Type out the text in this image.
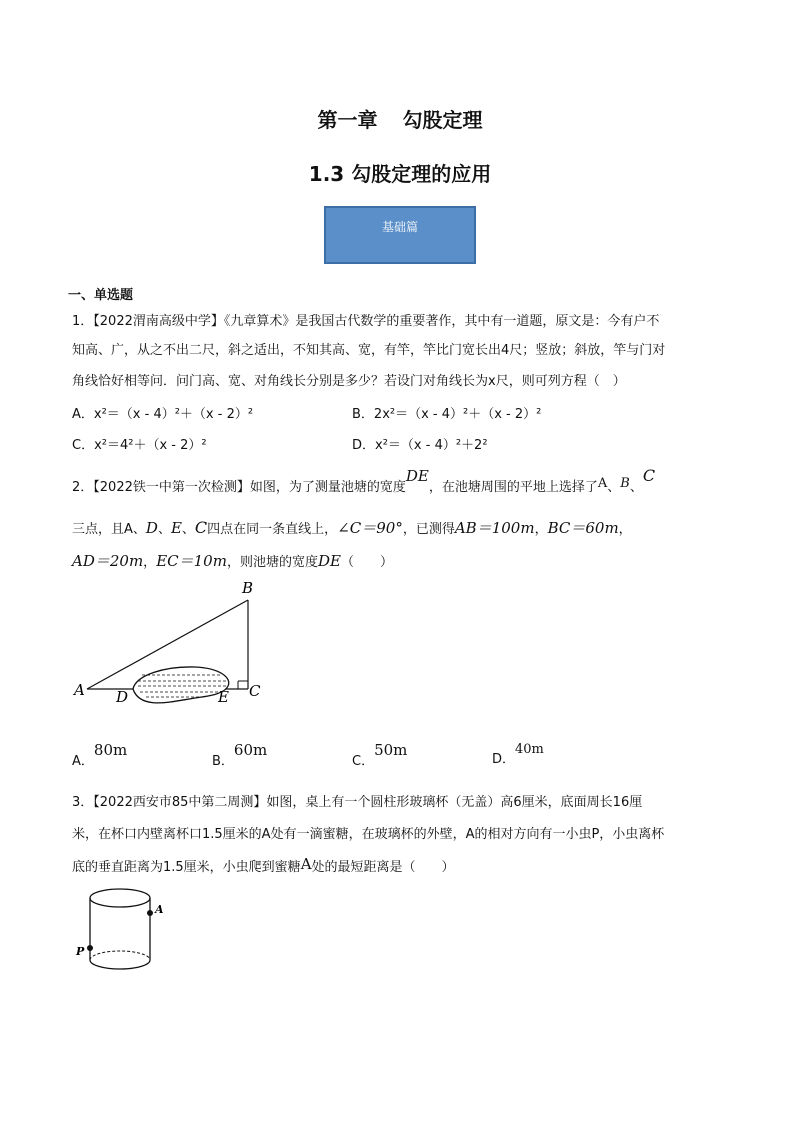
第一章 勾股定理
1.3 勾股定理的应用
基础篇
一、单选题
1．【2022渭南高级中学】《九章算术》是我国古代数学的重要著作，其中有一道题，原文是：今有户不
知高、广，从之不出二尺，斜之适出，不知其高、宽，有竿，竿比门宽长出4尺；竖放；斜放，竿与门对
角线恰好相等问．问门高、宽、对角线长分别是多少？若设门对角线长为x尺，则可列方程（　）
A．x²＝（x - 4）²＋（x - 2）²	B．2x²＝（x - 4）²＋（x - 2）²
C．x²＝4²＋（x - 2）²	D．x²＝（x - 4）²＋2²
2．【2022铁一中第一次检测】如图，为了测量池塘的宽度DE，在池塘周围的平地上选择了A、B、C
三点，且A、D、E、C四点在同一条直线上，∠C＝90°，已测得AB＝100m，BC＝60m，
AD＝20m，EC＝10m，则池塘的宽度DE（　　）
A
B
C
D	E
A．80m
B．60m
C．50m
D．40m
3．【2022西安市85中第二周测】如图，桌上有一个圆柱形玻璃杯（无盖）高6厘米，底面周长16厘
米，在杯口内壁离杯口1.5厘米的A处有一滴蜜糖，在玻璃杯的外壁，A的相对方向有一小虫P，小虫离杯
底的垂直距离为1.5厘米，小虫爬到蜜糖A处的最短距离是（　　）
A
P
